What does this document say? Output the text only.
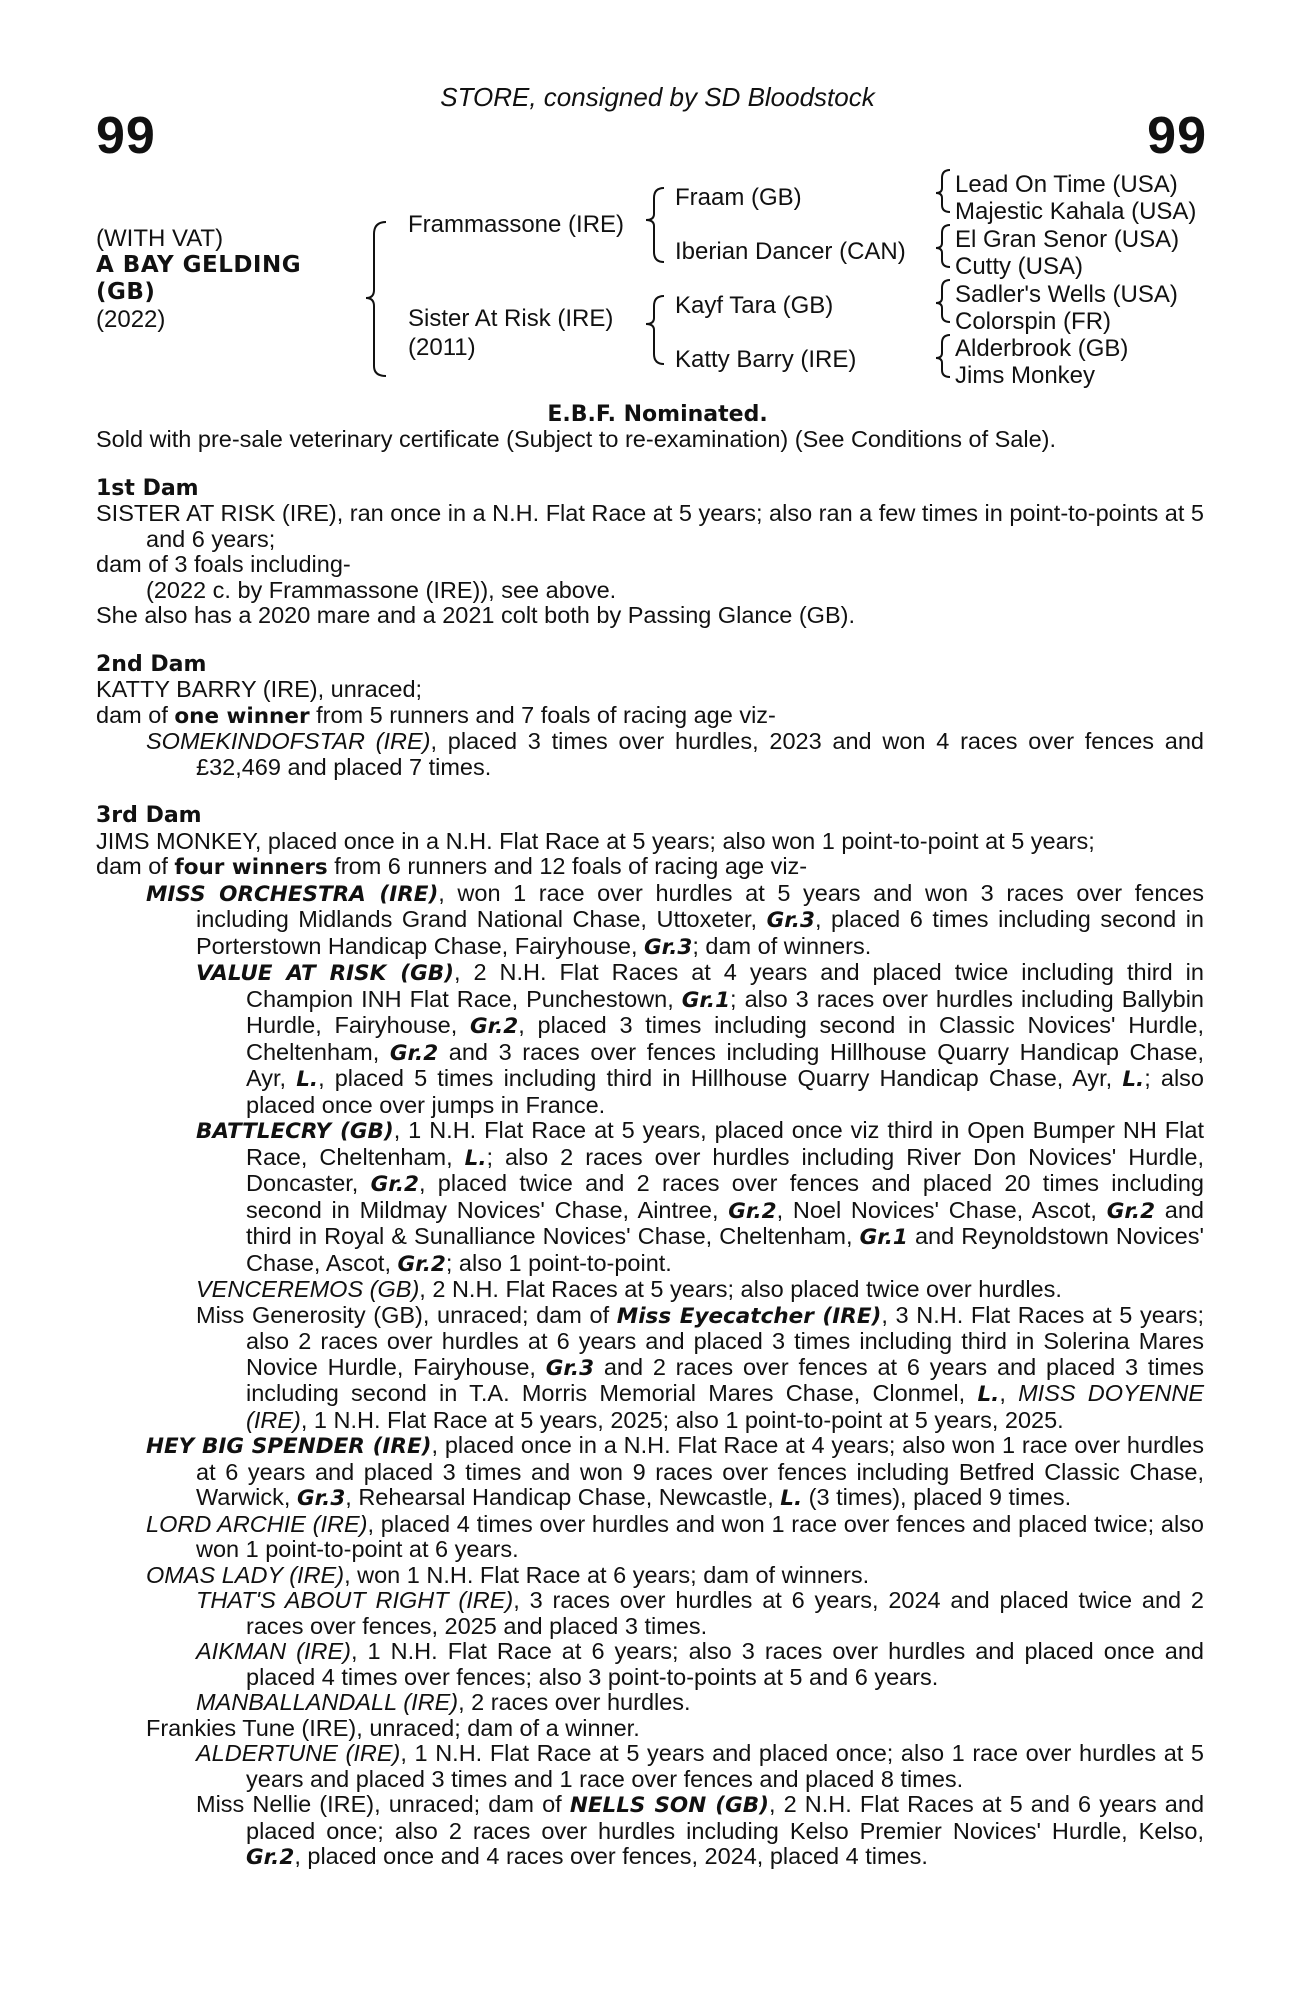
STORE, consigned by SD Bloodstock
99	99
(WITH VAT)
A BAY GELDING
(GB)
(2022)
Frammassone (IRE)
Sister At Risk (IRE)
(2011)
Fraam (GB)
Iberian Dancer (CAN)
Kayf Tara (GB)
Katty Barry (IRE)
Lead On Time (USA)
Majestic Kahala (USA)
El Gran Senor (USA)
Cutty (USA)
Sadler's Wells (USA)
Colorspin (FR)
Alderbrook (GB)
Jims Monkey
E.B.F. Nominated.

Sold with pre-sale veterinary certificate (Subject to re-examination) (See Conditions of Sale).

1st Dam

SISTER AT RISK (IRE), ran once in a N.H. Flat Race at 5 years; also ran a few times in point-to-points at 5 and 6 years;

dam of 3 foals including-

(2022 c. by Frammassone (IRE)), see above.

She also has a 2020 mare and a 2021 colt both by Passing Glance (GB).

2nd Dam

KATTY BARRY (IRE), unraced;

dam of one winner from 5 runners and 7 foals of racing age viz-

SOMEKINDOFSTAR (IRE), placed 3 times over hurdles, 2023 and won 4 races over fences and £32,469 and placed 7 times.

3rd Dam

JIMS MONKEY, placed once in a N.H. Flat Race at 5 years; also won 1 point-to-point at 5 years;

dam of four winners from 6 runners and 12 foals of racing age viz-

MISS ORCHESTRA (IRE), won 1 race over hurdles at 5 years and won 3 races over fences including Midlands Grand National Chase, Uttoxeter, Gr.3, placed 6 times including second in Porterstown Handicap Chase, Fairyhouse, Gr.3; dam of winners.

VALUE AT RISK (GB), 2 N.H. Flat Races at 4 years and placed twice including third in Champion INH Flat Race, Punchestown, Gr.1; also 3 races over hurdles including Ballybin Hurdle, Fairyhouse, Gr.2, placed 3 times including second in Classic Novices' Hurdle, Cheltenham, Gr.2 and 3 races over fences including Hillhouse Quarry Handicap Chase, Ayr, L., placed 5 times including third in Hillhouse Quarry Handicap Chase, Ayr, L.; also placed once over jumps in France.

BATTLECRY (GB), 1 N.H. Flat Race at 5 years, placed once viz third in Open Bumper NH Flat Race, Cheltenham, L.; also 2 races over hurdles including River Don Novices' Hurdle, Doncaster, Gr.2, placed twice and 2 races over fences and placed 20 times including second in Mildmay Novices' Chase, Aintree, Gr.2, Noel Novices' Chase, Ascot, Gr.2 and third in Royal & Sunalliance Novices' Chase, Cheltenham, Gr.1 and Reynoldstown Novices' Chase, Ascot, Gr.2; also 1 point-to-point.

VENCEREMOS (GB), 2 N.H. Flat Races at 5 years; also placed twice over hurdles.

Miss Generosity (GB), unraced; dam of Miss Eyecatcher (IRE), 3 N.H. Flat Races at 5 years; also 2 races over hurdles at 6 years and placed 3 times including third in Solerina Mares Novice Hurdle, Fairyhouse, Gr.3 and 2 races over fences at 6 years and placed 3 times including second in T.A. Morris Memorial Mares Chase, Clonmel, L., MISS DOYENNE (IRE), 1 N.H. Flat Race at 5 years, 2025; also 1 point-to-point at 5 years, 2025.

HEY BIG SPENDER (IRE), placed once in a N.H. Flat Race at 4 years; also won 1 race over hurdles at 6 years and placed 3 times and won 9 races over fences including Betfred Classic Chase, Warwick, Gr.3, Rehearsal Handicap Chase, Newcastle, L. (3 times), placed 9 times.

LORD ARCHIE (IRE), placed 4 times over hurdles and won 1 race over fences and placed twice; also won 1 point-to-point at 6 years.

OMAS LADY (IRE), won 1 N.H. Flat Race at 6 years; dam of winners.

THAT'S ABOUT RIGHT (IRE), 3 races over hurdles at 6 years, 2024 and placed twice and 2 races over fences, 2025 and placed 3 times.

AIKMAN (IRE), 1 N.H. Flat Race at 6 years; also 3 races over hurdles and placed once and placed 4 times over fences; also 3 point-to-points at 5 and 6 years.

MANBALLANDALL (IRE), 2 races over hurdles.

Frankies Tune (IRE), unraced; dam of a winner.

ALDERTUNE (IRE), 1 N.H. Flat Race at 5 years and placed once; also 1 race over hurdles at 5 years and placed 3 times and 1 race over fences and placed 8 times.

Miss Nellie (IRE), unraced; dam of NELLS SON (GB), 2 N.H. Flat Races at 5 and 6 years and placed once; also 2 races over hurdles including Kelso Premier Novices' Hurdle, Kelso, Gr.2, placed once and 4 races over fences, 2024, placed 4 times.
